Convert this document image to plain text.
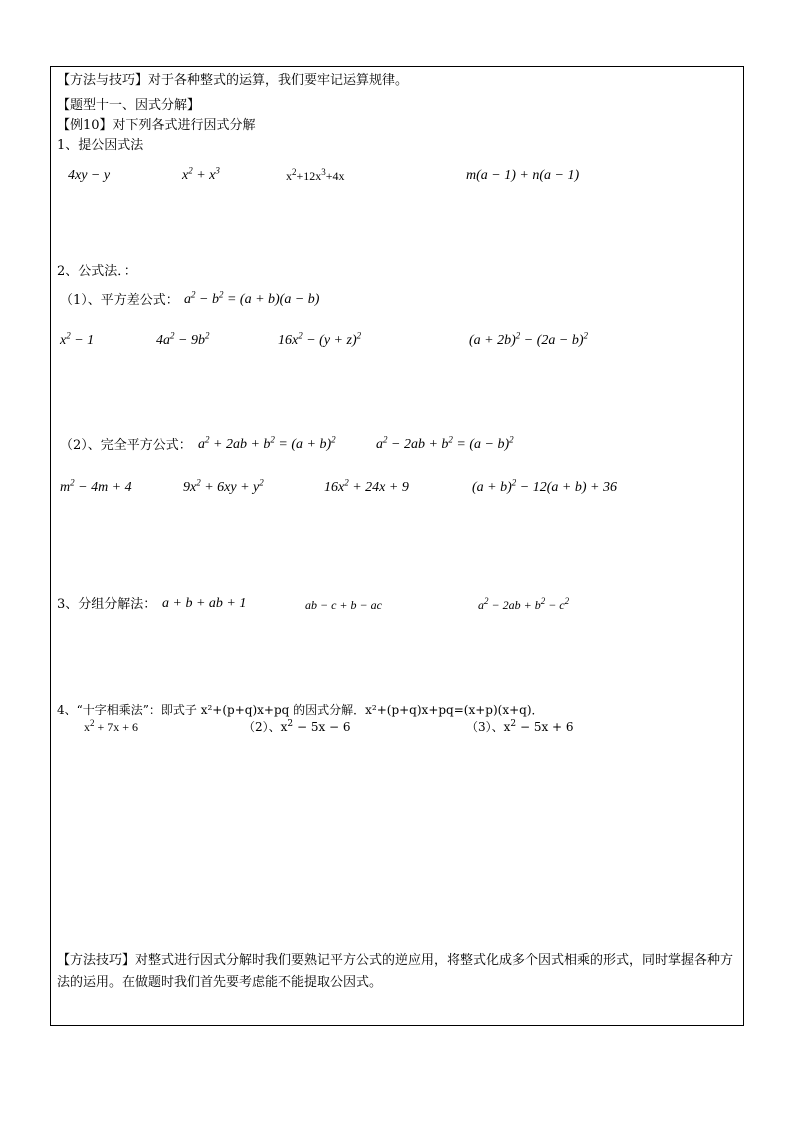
【方法与技巧】对于各种整式的运算，我们要牢记运算规律。
【题型十一、因式分解】
【例10】对下列各式进行因式分解
1、提公因式法
4xy − y	$x^2 + x^3$	$x^2+12x^3+4x$	m(a − 1) + n(a − 1)
2、公式法．：
（1）、平方差公式： $a^2 - b^2 = (a + b)(a - b)$
$x^2 - 1$	$4a^2 - 9b^2$	$16x^2 - (y + z)^2$	$(a + 2b)^2 - (2a - b)^2$
（2）、完全平方公式： $a^2 + 2ab + b^2 = (a + b)^2$	$a^2 - 2ab + b^2 = (a - b)^2$
$m^2 - 4m + 4$	$9x^2 + 6xy + y^2$	$16x^2 + 24x + 9$	$(a + b)^2 - 12(a + b) + 36$
3、分组分解法： a + b + ab + 1	ab − c + b − ac	$a^2 - 2ab + b^2 - c^2$
4、“十字相乘法”：即式子 x²+(p+q)x+pq 的因式分解．x²+(p+q)x+pq=(x+p)(x+q)．
$x^2 + 7x + 6$	（2）、$x^2 - 5x - 6$	（3）、$x^2 - 5x + 6$
【方法技巧】对整式进行因式分解时我们要熟记平方公式的逆应用，将整式化成多个因式相乘的形式，同时掌握各种方法的运用。在做题时我们首先要考虑能不能提取公因式。
